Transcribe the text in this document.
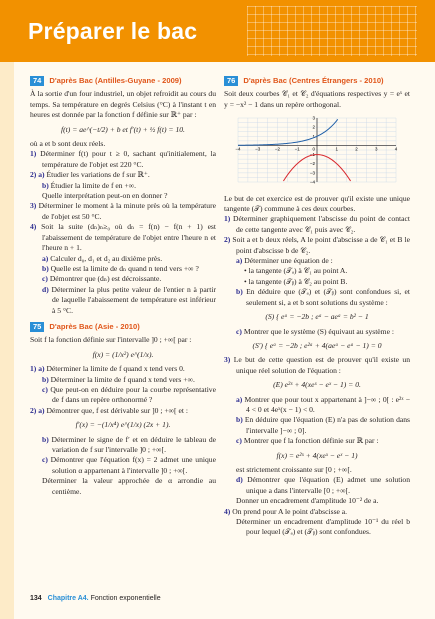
Préparer le bac
74	D'après Bac (Antilles-Guyane - 2009)

À la sortie d'un four industriel, un objet refroidit au cours du temps. Sa température en degrés Celsius (°C) à l'instant t en heures est donnée par la fonction f définie sur ℝ⁺ par :

f(t) = ae^(−t/2) + b et f′(t) + ½ f(t) = 10.

où a et b sont deux réels.

1) Déterminer f(t) pour t ≥ 0, sachant qu'initialement, la température de l'objet est 220 °C.

2) a) Étudier les variations de f sur ℝ⁺.

b) Étudier la limite de f en +∞.

Quelle interprétation peut-on en donner ?

3) Déterminer le moment à la minute près où la température de l'objet est 50 °C.

4) Soit la suite (dₙ)ₙ≥₀ où dₙ = f(n) − f(n + 1) est l'abaissement de température de l'objet entre l'heure n et l'heure n + 1.

a) Calculer d₀, d₁ et d₂ au dixième près.

b) Quelle est la limite de dₙ quand n tend vers +∞ ?

c) Démontrer que (dₙ) est décroissante.

d) Déterminer la plus petite valeur de l'entier n à partir de laquelle l'abaissement de température est inférieur à 5 °C.

75	D'après Bac (Asie - 2010)

Soit f la fonction définie sur l'intervalle ]0 ; +∞[ par :

f(x) = (1/x²) e^(1/x).

1) a) Déterminer la limite de f quand x tend vers 0.

b) Déterminer la limite de f quand x tend vers +∞.

c) Que peut-on en déduire pour la courbe représentative de f dans un repère orthonormé ?

2) a) Démontrer que, f est dérivable sur ]0 ; +∞[ et :

f′(x) = −(1/x⁴) e^(1/x) (2x + 1).

b) Déterminer le signe de f′ et en déduire le tableau de variation de f sur l'intervalle ]0 ; +∞[.

c) Démontrer que l'équation f(x) = 2 admet une unique solution α appartenant à l'intervalle ]0 ; +∞[.

Déterminer la valeur approchée de α arrondie au centième.

76	D'après Bac (Centres Étrangers - 2010)

Soit deux courbes 𝒞₁ et 𝒞₂ d'équations respectives y = eˣ et y = −x² − 1 dans un repère orthogonal.

−4	−3	−2	−1	1	2	3	4
3
2
1
−1
−2
−3
−4
0

Le but de cet exercice est de prouver qu'il existe une unique tangente (𝒯) commune à ces deux courbes.

1) Déterminer graphiquement l'abscisse du point de contact de cette tangente avec 𝒞₁ puis avec 𝒞₂.

2) Soit a et b deux réels, A le point d'abscisse a de 𝒞₁ et B le point d'abscisse b de 𝒞₂.

a) Déterminer une équation de :

• la tangente (𝒯ₐ) à 𝒞₁ au point A.

• la tangente (𝒯ᵦ) à 𝒞₂ au point B.

b) En déduire que (𝒯ₐ) et (𝒯ᵦ) sont confondues si, et seulement si, a et b sont solutions du système :

(S) { eᵃ = −2b ; eᵃ − aeᵃ = b² − 1

c) Montrer que le système (S) équivaut au système :

(S′) { eᵃ = −2b ; e²ᵃ + 4(aeᵃ − eᵃ − 1) = 0

3) Le but de cette question est de prouver qu'il existe un unique réel solution de l'équation :

(E) e²ˣ + 4(xeˣ − eˣ − 1) = 0.

a) Montrer que pour tout x appartenant à ]−∞ ; 0[ : e²ˣ − 4 < 0 et 4eˣ(x − 1) < 0.

b) En déduire que l'équation (E) n'a pas de solution dans l'intervalle ]−∞ ; 0].

c) Montrer que f la fonction définie sur ℝ par :

f(x) = e²ˣ + 4(xeˣ − eˣ − 1)

est strictement croissante sur [0 ; +∞[.

d) Démontrer que l'équation (E) admet une solution unique a dans l'intervalle [0 ; +∞[.

Donner un encadrement d'amplitude 10⁻² de a.

4) On prend pour A le point d'abscisse a.

Déterminer un encadrement d'amplitude 10⁻¹ du réel b pour lequel (𝒯ₐ) et (𝒯ᵦ) sont confondues.

134 Chapitre A4. Fonction exponentielle
